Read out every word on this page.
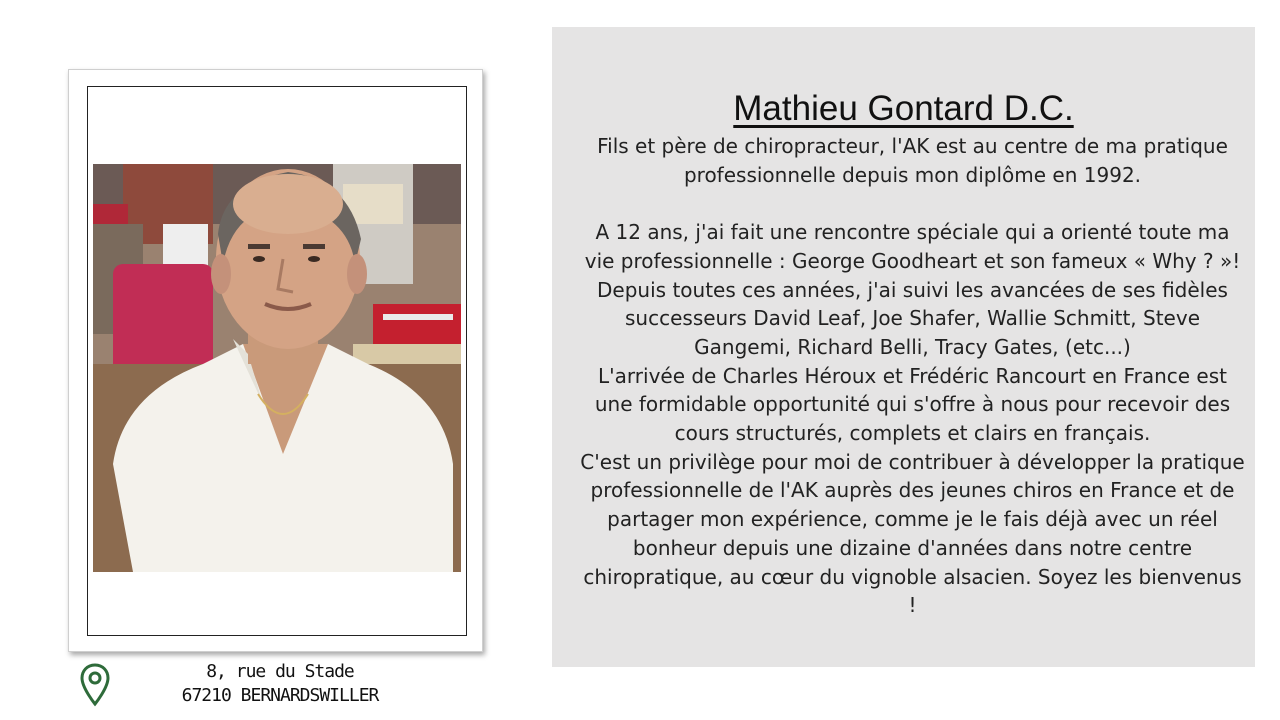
8, rue du Stade
67210 BERNARDSWILLER
Mathieu Gontard D.C.

Fils et père de chiropracteur, l'AK est au centre de ma pratique professionnelle depuis mon diplôme en 1992.

A 12 ans, j'ai fait une rencontre spéciale qui a orienté toute ma vie professionnelle : George Goodheart et son fameux « Why ? »!

Depuis toutes ces années, j'ai suivi les avancées de ses fidèles successeurs David Leaf, Joe Shafer, Wallie Schmitt, Steve Gangemi, Richard Belli, Tracy Gates, (etc...)

L'arrivée de Charles Héroux et Frédéric Rancourt en France est une formidable opportunité qui s'offre à nous pour recevoir des cours structurés, complets et clairs en français.

C'est un privilège pour moi de contribuer à développer la pratique professionnelle de l'AK auprès des jeunes chiros en France et de partager mon expérience, comme je le fais déjà avec un réel bonheur depuis une dizaine d'années dans notre centre chiropratique, au cœur du vignoble alsacien. Soyez les bienvenus !
